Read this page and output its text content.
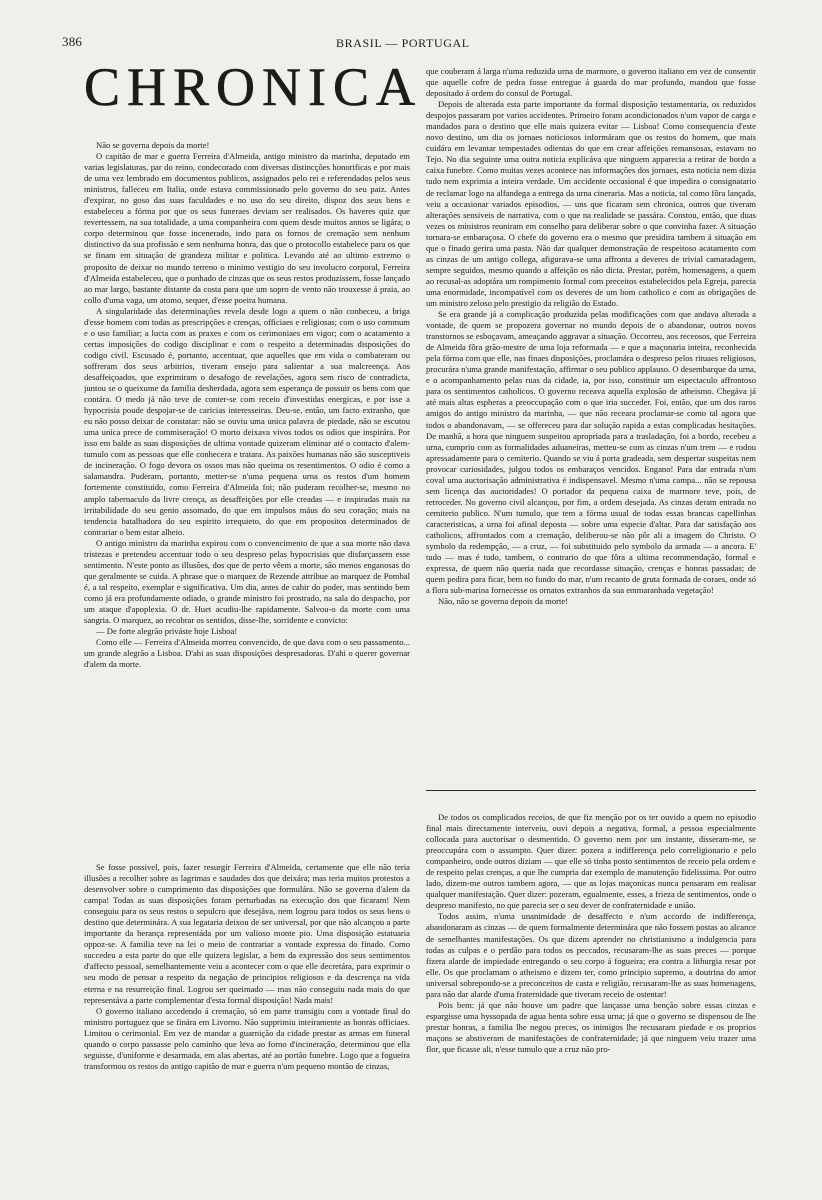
386	BRASIL — PORTUGAL
CHRONICA

Não se governa depois da morte!

O capitão de mar e guerra Ferreira d'Almeida, antigo ministro da marinha, deputado em varias legislaturas, par do reino, condecorado com diversas distincções honorificas e por mais de uma vez lembrado em documentos publicos, assignados pelo rei e referendados pelos seus ministros, falleceu em Italia, onde estava commissionado pelo governo do seu paiz. Antes d'expirar, no goso das suas faculdades e no uso do seu direito, dispoz dos seus bens e estabeleceu a fórma por que os seus funeraes deviam ser realisados. Os haveres quiz que revertessem, na sua totalidade, a uma companheira com quem desde muitos annos se ligára; o corpo determinou que fosse incenerado, indo para os fornos de cremação sem nenhum distinctivo da sua profissão e sem nenhuma honra, das que o protocollo estabelece para os que se finam em situação de grandeza militar e politica. Levando até ao ultimo extremo o proposito de deixar no mundo terreno o minimo vestigio do seu involucro corporal, Ferreira d'Almeida estabeleceu, que o punhado de cinzas que os seus restos produzissem, fosse lançado ao mar largo, bastante distante da costa para que um sopro de vento não trouxesse á praia, ao collo d'uma vaga, um atomo, sequer, d'esse poeira humana.

A singularidade das determinações revela desde logo a quem o não conheceu, a briga d'esse homem com todas as prescripções e crenças, officiaes e religiosas; com o uso commum e o uso familiar; a lucta com as praxes e com os cerimoniaes em vigor; com o acatamento a certas imposições do codigo disciplinar e com o respeito a determinadas disposições do codigo civil. Escusado é, portanto, accentuar, que aquelles que em vida o combateram ou soffreram dos seus arbitrios, tiveram ensejo para salientar a sua malcreença. Aos desaffeiçoados, que exprimiram o desafogo de revelações, agora sem risco de contradicta, juntou se o queixume da familia desherdada, agora sem esperança de possuir os bens com que contára. O medo já não teve de conter-se com receio d'investidas energicas, e por isse a hypocrisia poude despojar-se de caricias interesseiras. Deu-se, então, um facto extranho, que eu não posso deixar de constatar: não se ouviu uma unica palavra de piedade, não se escutou uma unica prece de commiseração! O morto deixava vivos todos os odios que inspirára. Por isso em balde as suas disposições de ultima vontade quizeram eliminar até o contacto d'alem-tumulo com as pessoas que elle conhecera e tratara. As paixões humanas não são susceptiveis de incineração. O fogo devora os ossos mas não queima os resentimentos. O odio é como a salamandra. Puderam, portanto, metter-se n'uma pequena urna os restos d'um homem fortemente constituido, como Ferreira d'Almeida foi; não puderam recolher-se, mesmo no amplo tabernaculo da livre crença, as desaffeições por elle creadas — e inspiradas mais na irritabilidade do seu genio assomado, do que em impulsos máus do seu coração; mais na tendencia batalhadora do seu espirito irrequieto, do que em propositos determinados de contrariar o bem estar alheio.

O antigo ministro da marinha expirou com o convencimento de que a sua morte não dava tristezas e pretendeu accentuar todo o seu despreso pelas hypocrisias que disfarçassem esse sentimento. N'este ponto as illusões, dos que de perto vêem a morte, são menos enganosas do que geralmente se cuida. A phrase que o marquez de Rezende attribue ao marquez de Pombal é, a tal respeito, exemplar e significativa. Um dia, antes de cahir do poder, mas sentindo bem como já era profundamente odiado, o grande ministro foi prostrado, na sala do despacho, por um ataque d'apoplexia. O dr. Huet acudiu-lhe rapidamente. Salvou-o da morte com uma sangria. O marquez, ao recobrar os sentidos, disse-lhe, sorridente e convicto:

— De forte alegrão priváste hoje Lisboa!

Como elle — Ferreira d'Almeida morreu convencido, de que dava com o seu passamento... um grande alegrão a Lisboa. D'ahi as suas disposições despresadoras. D'ahi o querer governar d'alem da morte.

que couberam á larga n'uma reduzida urna de marmore, o governo italiano em vez de consentir que aquelle cofre de pedra fosse entregue á guarda do mar profundo, mandou que fosse depositado á ordem do consul de Portugal.

Depois de alterada esta parte importante da formal disposição testamentaria, os reduzidos despojos passaram por varios accidentes. Primeiro foram acondicionados n'um vapor de carga e mandados para o destino que elle mais quizera evitar — Lisboa! Como consequencia d'este novo destino, um dia os jornaes noticiosos informáram que os restos do homem, que mais cuidára em levantar tempestades odientas do que em crear affeições remansosas, estavam no Tejo. No dia seguinte uma outra noticia explicáva que ninguem apparecia a retirar de bordo a caixa funebre. Como muitas vezes acontece nas informações dos jornaes, esta noticia nem dizia tudo nem exprimia a inteira verdade. Um accidente occasional é que impedira o consignatario de reclamar logo na alfandega a entrega da urna cineraria. Mas a noticia, tal como fôra lançada, veiu a occasionar variados episodios, — uns que ficaram sem chronica, outros que tiveram alterações sensiveis de narrativa, com o que na realidade se passára. Constou, então, que duas vezes os ministros reuniram em conselho para deliberar sobre o que convinha fazer. A situação tornara-se embaraçosa. O chefe do governo era o mesmo que presidira tambem á situação em que o finado gerira uma pasta. Não dar qualquer demonstração de respeitoso acatamento com as cinzas de um antigo collega, afigurava-se uma affronta a deveres de trivial camaradagem, sempre seguidos, mesmo quando a affeição os não dicta. Prestar, porém, homenagens, a quem ao recusal-as adoptára um rompimento formal com preceitos estabelecidos pela Egreja, parecia uma enormidade, incompatível com os deveres de um bom catholico e com as obrigações de um ministro zeloso pelo prestigio da religião do Estado.

Se era grande já a complicação produzida pelas modificações com que andava alterada a vontade, de quem se propozera governar no mundo depois de o abandonar, outros novos transtornos se esboçavam, ameaçando aggravar a situação. Occorreu, aos receosos, que Ferreira de Almeida fôra grão-mestre de uma loja reformada — e que a maçonaria inteira, reconhecida pela fórma com que elle, nas finaes disposições, proclamára o despreso pelos rituaes religiosos, procurára n'uma grande manifestação, affirmar o seu publico applauso. O desembarque da urna, e o acompanhamento pelas ruas da cidade, ia, por isso, constituir um espectaculo affrontoso para os sentimentos catholicos. O governo receava aquella explosão de atheismo. Chegáva já até mais altas espheras a preoccupação com o que iria succeder. Foi, então, que um dos raros amigos do antigo ministro da marinha, — que não receara proclamar-se como tal agora que todos o abandonavam, — se offereceu para dar solução rapida a estas complicadas hesitações. De manhã, a hora que ninguem suspeitou apropriada para a trasladação, foi a bordo, recebeu a urna, cumpriu com as formalidades aduaneiras, metteu-se com as cinzas n'um trem — e rodou apressadamente para o cemiterio. Quando se viu á porta gradeada, sem despertar suspeitas nem provocar curiosidades, julgou todos os embaraços vencidos. Engano! Para dar entrada n'um coval uma auctorisação administrativa é indispensavel. Mesmo n'uma campa... não se repousa sem licença das auctoridades! O portador da pequena caixa de marmore teve, pois, de retroceder. No governo civil alcançou, por fim, a ordem desejada. As cinzas deram entrada no cemiterio publico. N'um tumulo, que tem a fórma usual de todas essas brancas capellinhas caracteristicas, a urna foi afinal deposta — sobre uma especie d'altar. Para dar satisfação aos catholicos, affrontados com a cremação, deliberou-se não pôr ali a imagem do Christo. O symbolo da redempção, — a cruz, — foi substituido pelo symbolo da armada — a ancora. E' tudo — mas é tudo, tambem, o contrario do que fôra a ultima recommendação, formal e expressa, de quem não queria nada que recordasse situação, crenças e honras passadas; de quem pedira para ficar, bem no fundo do mar, n'um recanto de gruta formada de coraes, onde só a flora sub-marina fornecesse os ornatos extranhos da sua emmaranhada vegetação!

Não, não se governa depois da morte!

Se fosse possivel, pois, fazer resurgir Ferreira d'Almeida, certamente que elle não teria illusões a recolher sobre as lagrimas e saudades dos que deixára; mas teria muitos protestos a desenvolver sobre o cumprimento das disposições que formulára. Não se governa d'alem da campa! Todas as suas disposições foram perturbadas na execução dos que ficaram! Nem conseguiu para os seus restos o sepulcro que desejáva, nem logrou para todos os seus bens o destino que determinára. A sua legataria deixou de ser universal, por que não alcançou a parte importante da herança representáda por um valioso monte pio. Uma disposição estatuaria oppoz-se. A familia teve na lei o meio de contrariar a vontade expressa do finado. Como succedeu a esta parte do que elle quizera legislar, a bem da expressão dos seus sentimentos d'affecto pessoal, semelhantemente veiu a acontecer com o que elle decretára, para exprimir o seu modo de pensar a respeito da negação de principios religiosos e da descrença na vida eterna e na resurreição final. Logrou ser queimado — mas não conseguiu nada mais do que representáva a parte complementar d'esta formal disposição! Nada mais!

O governo italiano accedendo á cremação, só em parte transigiu com a vontade final do ministro portuguez que se finára em Livorno. Não supprimiu inteiramente as honras officiaes. Limitou o cerimonial. Em vez de mandar a guarnição da cidade prestar as armas em funeral quando o corpo passasse pelo caminho que leva ao forno d'incineração, determinou que ella seguisse, d'uniforme e desarmada, em alas abertas, até ao portão funebre. Logo que a fogueira transformou os restos do antigo capitão de mar e guerra n'um pequeno montão de cinzas,

De todos os complicados receios, de que fiz menção por os ter ouvido a quem no episodio final mais directamente interveiu, ouvi depois a negativa, formal, a pessoa especialmente collocada para auctorisar o desmentido. O governo nem por um instante, disseram-me, se preoccupára com o assumpto. Quer dizer: pozera a indifferença pelo correligionario e pelo companheiro, onde outros diziam — que elle só tinha posto sentimentos de receio pela ordem e de respeito pelas crenças, a que lhe cumpria dar exemplo de manutenção fidelissima. Por outro lado, dizem-me outros tambem agora, — que as lojas maçonicas nunca pensaram em realisar qualquer manifestação. Quer dizer: pozeram, egualmente, esses, a frieza de sentimentos, onde o despreso manifesto, no que parecia ser o seu dever de confraternidade e união.

Todos assim, n'uma unanimidade de desaffecto e n'um accordo de indifferença, abandonaram as cinzas — de quem formalmente determinára que não fossem postas ao alcance de semelhantes manifestações. Os que dizem aprender no christianismo a indulgencia para todas as culpas e o perdão para todos os peccados, recusaram-lhe as suas preces — porque fizera alarde de impiedade entregando o seu corpo á fogueira; era contra a lithurgia resar por elle. Os que proclamam o atheismo e dizem ter, como principio supremo, a doutrina do amor universal sobrepondo-se a preconceitos de casta e religião, recusaram-lhe as suas homenagens, para não dar alarde d'uma fraternidade que tiveram receio de ostentar!

Pois bem: já que não houve um padre que lançasse uma benção sobre essas cinzas e espargisse uma hyssopada de agua benta sobre essa urna; já que o governo se dispensou de lhe prestar honras, a familia lhe negou preces, os inimigos lhe recusaram piedade e os proprios maçons se abstiveram de manifestações de confraternidade; já que ninguem veiu trazer uma flor, que ficasse ali, n'esse tumulo que a cruz não pro-
